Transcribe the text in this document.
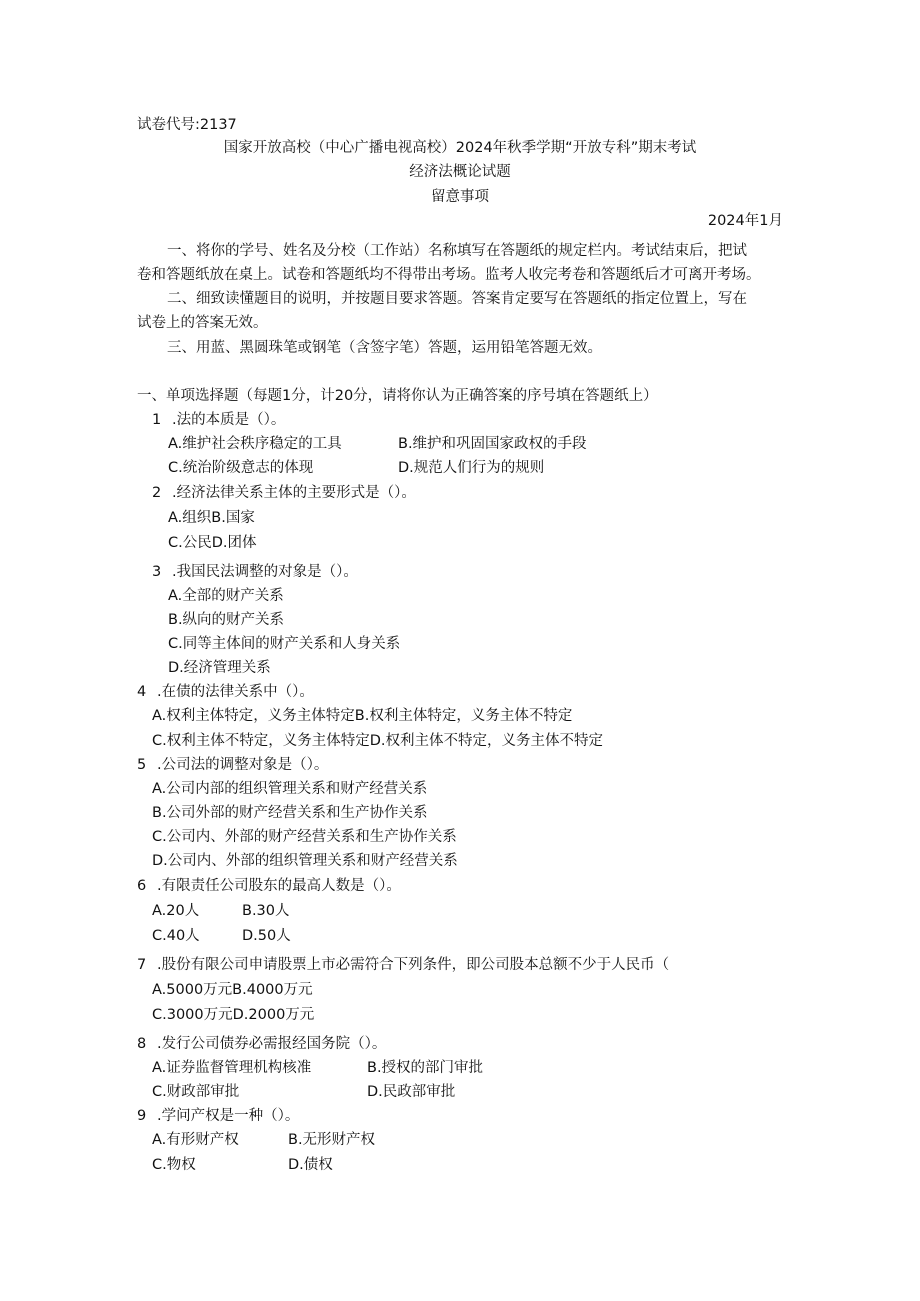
试卷代号:2137
国家开放高校（中心广播电视高校）2024年秋季学期“开放专科”期末考试
经济法概论试题
留意事项
2024年1月
一、将你的学号、姓名及分校（工作站）名称填写在答题纸的规定栏内。考试结束后，把试
卷和答题纸放在桌上。试卷和答题纸均不得带出考场。监考人收完考卷和答题纸后才可离开考场。
二、细致读懂题目的说明，并按题目要求答题。答案肯定要写在答题纸的指定位置上，写在
试卷上的答案无效。
三、用蓝、黑圆珠笔或钢笔（含签字笔）答题，运用铅笔答题无效。
一、单项选择题（每题1分，计20分，请将你认为正确答案的序号填在答题纸上）
1 .法的本质是（）。
A.维护社会秩序稳定的工具	B.维护和巩固国家政权的手段
C.统治阶级意志的体现	D.规范人们行为的规则
2 .经济法律关系主体的主要形式是（）。
A.组织B.国家
C.公民D.团体
3 .我国民法调整的对象是（）。
A.全部的财产关系
B.纵向的财产关系
C.同等主体间的财产关系和人身关系
D.经济管理关系
4 .在债的法律关系中（）。
A.权利主体特定，义务主体特定B.权利主体特定，义务主体不特定
C.权利主体不特定，义务主体特定D.权利主体不特定，义务主体不特定
5 .公司法的调整对象是（）。
A.公司内部的组织管理关系和财产经营关系
B.公司外部的财产经营关系和生产协作关系
C.公司内、外部的财产经营关系和生产协作关系
D.公司内、外部的组织管理关系和财产经营关系
6 .有限责任公司股东的最高人数是（）。
A.20人	B.30人
C.40人	D.50人
7 .股份有限公司申请股票上市必需符合下列条件，即公司股本总额不少于人民币（
A.5000万元B.4000万元
C.3000万元D.2000万元
8 .发行公司债券必需报经国务院（）。
A.证券监督管理机构核准	B.授权的部门审批
C.财政部审批	D.民政部审批
9 .学问产权是一种（）。
A.有形财产权	B.无形财产权
C.物权	D.债权
